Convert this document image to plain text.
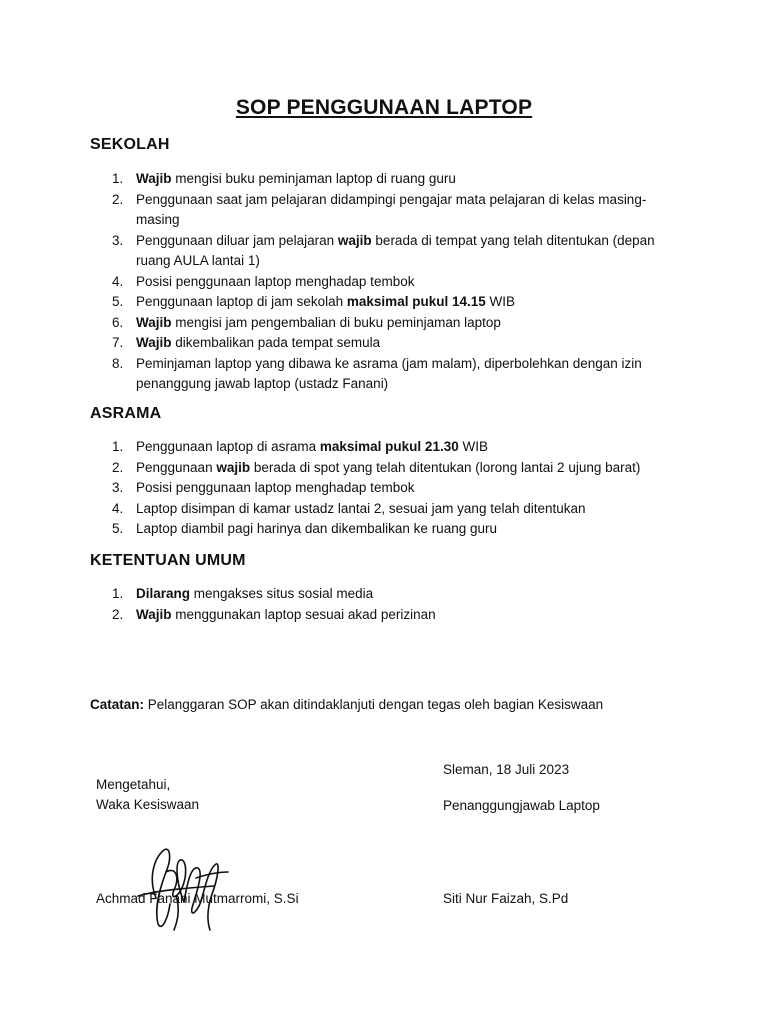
SOP PENGGUNAAN LAPTOP
SEKOLAH
1. Wajib mengisi buku peminjaman laptop di ruang guru
2. Penggunaan saat jam pelajaran didampingi pengajar mata pelajaran di kelas masing-masing
3. Penggunaan diluar jam pelajaran wajib berada di tempat yang telah ditentukan (depan ruang AULA lantai 1)
4. Posisi penggunaan laptop menghadap tembok
5. Penggunaan laptop di jam sekolah maksimal pukul 14.15 WIB
6. Wajib mengisi jam pengembalian di buku peminjaman laptop
7. Wajib dikembalikan pada tempat semula
8. Peminjaman laptop yang dibawa ke asrama (jam malam), diperbolehkan dengan izin penanggung jawab laptop (ustadz Fanani)
ASRAMA
1. Penggunaan laptop di asrama maksimal pukul 21.30 WIB
2. Penggunaan wajib berada di spot yang telah ditentukan (lorong lantai 2 ujung barat)
3. Posisi penggunaan laptop menghadap tembok
4. Laptop disimpan di kamar ustadz lantai 2, sesuai jam yang telah ditentukan
5. Laptop diambil pagi harinya dan dikembalikan ke ruang guru
KETENTUAN UMUM
1. Dilarang mengakses situs sosial media
2. Wajib menggunakan laptop sesuai akad perizinan
Catatan: Pelanggaran SOP akan ditindaklanjuti dengan tegas oleh bagian Kesiswaan
Sleman, 18 Juli 2023
Mengetahui,
Waka Kesiswaan	Penanggungjawab Laptop
Achmad Fanani Mutmarromi, S.Si	Siti Nur Faizah, S.Pd
